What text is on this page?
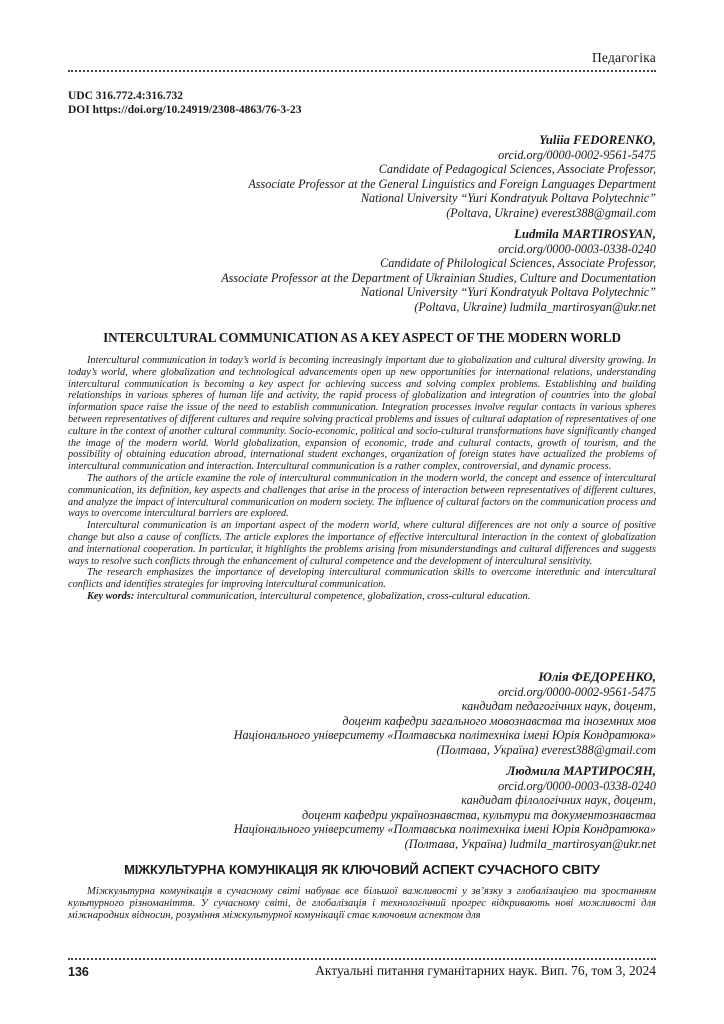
Педагогіка
UDC 316.772.4:316.732
DOI https://doi.org/10.24919/2308-4863/76-3-23
Yuliia FEDORENKO,
orcid.org/0000-0002-9561-5475
Candidate of Pedagogical Sciences, Associate Professor,
Associate Professor at the General Linguistics and Foreign Languages Department
National University “Yuri Kondratyuk Poltava Polytechnic”
(Poltava, Ukraine) everest388@gmail.com
Ludmila MARTIROSYAN,
orcid.org/0000-0003-0338-0240
Candidate of Philological Sciences, Associate Professor,
Associate Professor at the Department of Ukrainian Studies, Culture and Documentation
National University “Yuri Kondratyuk Poltava Polytechnic”
(Poltava, Ukraine) ludmila_martirosyan@ukr.net
INTERCULTURAL COMMUNICATION AS A KEY ASPECT OF THE MODERN WORLD

Intercultural communication in today’s world is becoming increasingly important due to globalization and cultural diversity growing. In today’s world, where globalization and technological advancements open up new opportunities for international relations, understanding intercultural communication is becoming a key aspect for achieving success and solving complex problems. Establishing and building relationships in various spheres of human life and activity, the rapid process of globalization and integration of countries into the global information space raise the issue of the need to establish communication. Integration processes involve regular contacts in various spheres between representatives of different cultures and require solving practical problems and issues of cultural adaptation of representatives of one culture in the context of another cultural community. Socio-economic, political and socio-cultural transformations have significantly changed the image of the modern world. World globalization, expansion of economic, trade and cultural contacts, growth of tourism, and the possibility of obtaining education abroad, international student exchanges, organization of foreign states have actualized the problems of intercultural communication and interaction. Intercultural communication is a rather complex, controversial, and dynamic process.

The authors of the article examine the role of intercultural communication in the modern world, the concept and essence of intercultural communication, its definition, key aspects and challenges that arise in the process of interaction between representatives of different cultures, and analyze the impact of intercultural communication on modern society. The influence of cultural factors on the communication process and ways to overcome intercultural barriers are explored.

Intercultural communication is an important aspect of the modern world, where cultural differences are not only a source of positive change but also a cause of conflicts. The article explores the importance of effective intercultural interaction in the context of globalization and international cooperation. In particular, it highlights the problems arising from misunderstandings and cultural differences and suggests ways to resolve such conflicts through the enhancement of cultural competence and the development of intercultural sensitivity.

The research emphasizes the importance of developing intercultural communication skills to overcome interethnic and intercultural conflicts and identifies strategies for improving intercultural communication.

Key words: intercultural communication, intercultural competence, globalization, cross-cultural education.

Юлія ФЕДОРЕНКО,
orcid.org/0000-0002-9561-5475
кандидат педагогічних наук, доцент,
доцент кафедри загального мовознавства та іноземних мов
Національного університету «Полтавська політехніка імені Юрія Кондратюка»
(Полтава, Україна) everest388@gmail.com
Людмила МАРТИРОСЯН,
orcid.org/0000-0003-0338-0240
кандидат філологічних наук, доцент,
доцент кафедри українознавства, культури та документознавства
Національного університету «Полтавська політехніка імені Юрія Кондратюка»
(Полтава, Україна) ludmila_martirosyan@ukr.net
МІЖКУЛЬТУРНА КОМУНІКАЦІЯ ЯК КЛЮЧОВИЙ АСПЕКТ СУЧАСНОГО СВІТУ

Міжкультурна комунікація в сучасному світі набуває все більшої важливості у зв’язку з глобалізацією та зростанням культурного різноманіття. У сучасному світі, де глобалізація і технологічний прогрес відкривають нові можливості для міжнародних відносин, розуміння міжкультурної комунікації стає ключовим аспектом для

136	Актуальні питання гуманітарних наук. Вип. 76, том 3, 2024
